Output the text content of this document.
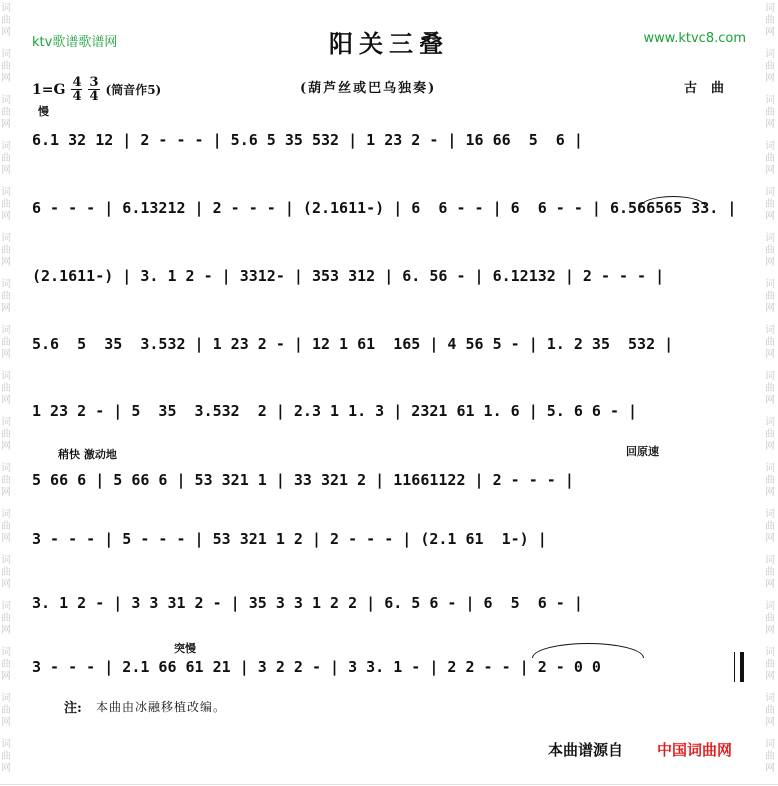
词
曲
网
词
曲
网
词
曲
网
词
曲
网
词
曲
网
词
曲
网
词
曲
网
词
曲
网
词
曲
网
词
曲
网
词
曲
网
词
曲
网
词
曲
网
词
曲
网
词
曲
网
词
曲
网
词
曲
网
词
曲
网
词
曲
网
词
曲
网
词
曲
网
词
曲
网
词
曲
网
词
曲
网
词
曲
网
词
曲
网
词
曲
网
词
曲
网
词
曲
网
词
曲
网
词
曲
网
词
曲
网
词
曲
网
词
曲
网
ktv歌谱歌谱网	www.ktvc8.com
阳关三叠
$1=G \frac{4}{4} \frac{3}{4}$ (筒音作5)	(葫芦丝或巴乌独奏)	古曲
慢
稍快 激动地	回原速
突慢
6.1 32 12 | 2 - - - | 5.6 5 35 532 | 1 23 2 - | 16 66  5  6 |
6 - - - | 6.13212 | 2 - - - | (2.1611-) | 6  6 - - | 6  6 - - | 6.566565 33. |
(2.1611-) | 3. 1 2 - | 3312- | 353 312 | 6. 56 - | 6.12132 | 2 - - - |
5.6  5  35  3.532 | 1 23 2 - | 12 1 61  165 | 4 56 5 - | 1. 2 35  532 |
1 23 2 - | 5  35  3.532  2 | 2.3 1 1. 3 | 2321 61 1. 6 | 5. 6 6 - |
5 66 6 | 5 66 6 | 53 321 1 | 33 321 2 | 11661122 | 2 - - - |
3 - - - | 5 - - - | 53 321 1 2 | 2 - - - | (2.1 61  1-) |
3. 1 2 - | 3 3 31 2 - | 35 3 3 1 2 2 | 6. 5 6 - | 6  5  6 - |
3 - - - | 2.1 66 61 21 | 3 2 2 - | 3 3. 1 - | 2 2 - - | 2 - 0 0
注: 本曲由冰融移植改编。
本曲谱源自 中国词曲网
